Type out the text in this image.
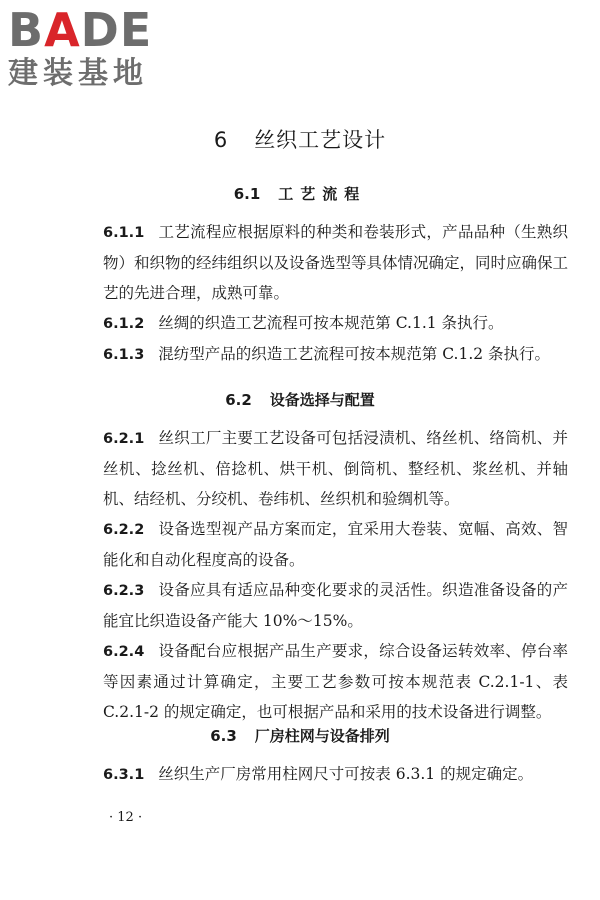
BADE
建装基地
6 丝织工艺设计
6.1 工艺流程

6.1.1 工艺流程应根据原料的种类和卷装形式，产品品种（生熟织物）和织物的经纬组织以及设备选型等具体情况确定，同时应确保工艺的先进合理，成熟可靠。

6.1.2 丝绸的织造工艺流程可按本规范第 C.1.1 条执行。

6.1.3 混纺型产品的织造工艺流程可按本规范第 C.1.2 条执行。

6.2 设备选择与配置

6.2.1 丝织工厂主要工艺设备可包括浸渍机、络丝机、络筒机、并丝机、捻丝机、倍捻机、烘干机、倒筒机、整经机、浆丝机、并轴机、结经机、分绞机、卷纬机、丝织机和验绸机等。

6.2.2 设备选型视产品方案而定，宜采用大卷装、宽幅、高效、智能化和自动化程度高的设备。

6.2.3 设备应具有适应品种变化要求的灵活性。织造准备设备的产能宜比织造设备产能大 10%～15%。

6.2.4 设备配台应根据产品生产要求，综合设备运转效率、停台率等因素通过计算确定，主要工艺参数可按本规范表 C.2.1-1、表 C.2.1-2 的规定确定，也可根据产品和采用的技术设备进行调整。

6.3 厂房柱网与设备排列

6.3.1 丝织生产厂房常用柱网尺寸可按表 6.3.1 的规定确定。

· 12 ·
